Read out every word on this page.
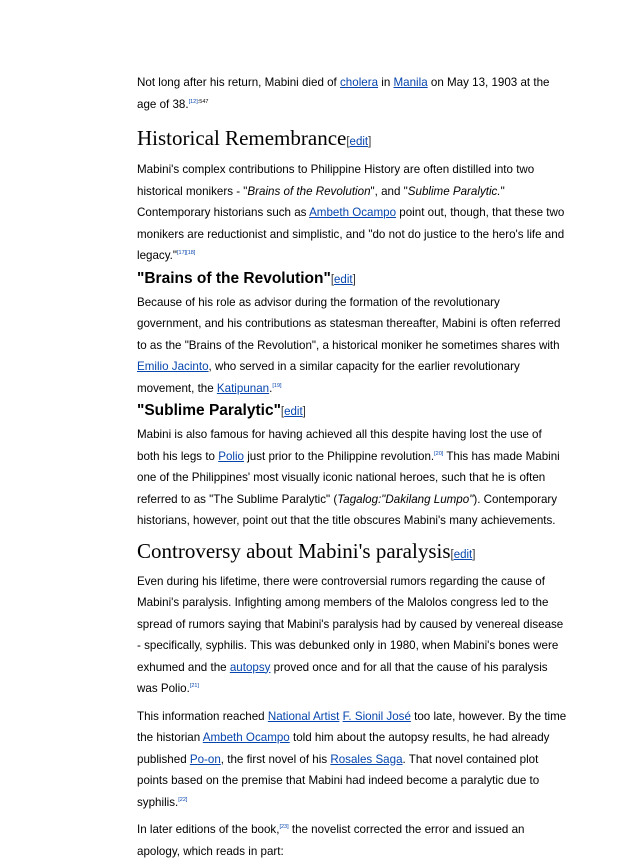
Not long after his return, Mabini died of cholera in Manila on May 13, 1903 at the age of 38.$^{[12]:547}$

Historical Remembrance[edit]

Mabini's complex contributions to Philippine History are often distilled into two historical monikers - "Brains of the Revolution", and "Sublime Paralytic." Contemporary historians such as Ambeth Ocampo point out, though, that these two monikers are reductionist and simplistic, and "do not do justice to the hero's life and legacy."[17][18]

"Brains of the Revolution"[edit]

Because of his role as advisor during the formation of the revolutionary government, and his contributions as statesman thereafter, Mabini is often referred to as the "Brains of the Revolution", a historical moniker he sometimes shares with Emilio Jacinto, who served in a similar capacity for the earlier revolutionary movement, the Katipunan.[19]

"Sublime Paralytic"[edit]

Mabini is also famous for having achieved all this despite having lost the use of both his legs to Polio just prior to the Philippine revolution.[20] This has made Mabini one of the Philippines' most visually iconic national heroes, such that he is often referred to as "The Sublime Paralytic" (Tagalog:"Dakilang Lumpo"). Contemporary historians, however, point out that the title obscures Mabini's many achievements.

Controversy about Mabini's paralysis[edit]

Even during his lifetime, there were controversial rumors regarding the cause of Mabini's paralysis. Infighting among members of the Malolos congress led to the spread of rumors saying that Mabini's paralysis had by caused by venereal disease - specifically, syphilis. This was debunked only in 1980, when Mabini's bones were exhumed and the autopsy proved once and for all that the cause of his paralysis was Polio.[21]

This information reached National Artist F. Sionil José too late, however. By the time the historian Ambeth Ocampo told him about the autopsy results, he had already published Po-on, the first novel of his Rosales Saga. That novel contained plot points based on the premise that Mabini had indeed become a paralytic due to syphilis.[22]

In later editions of the book,[23] the novelist corrected the error and issued an apology, which reads in part:
